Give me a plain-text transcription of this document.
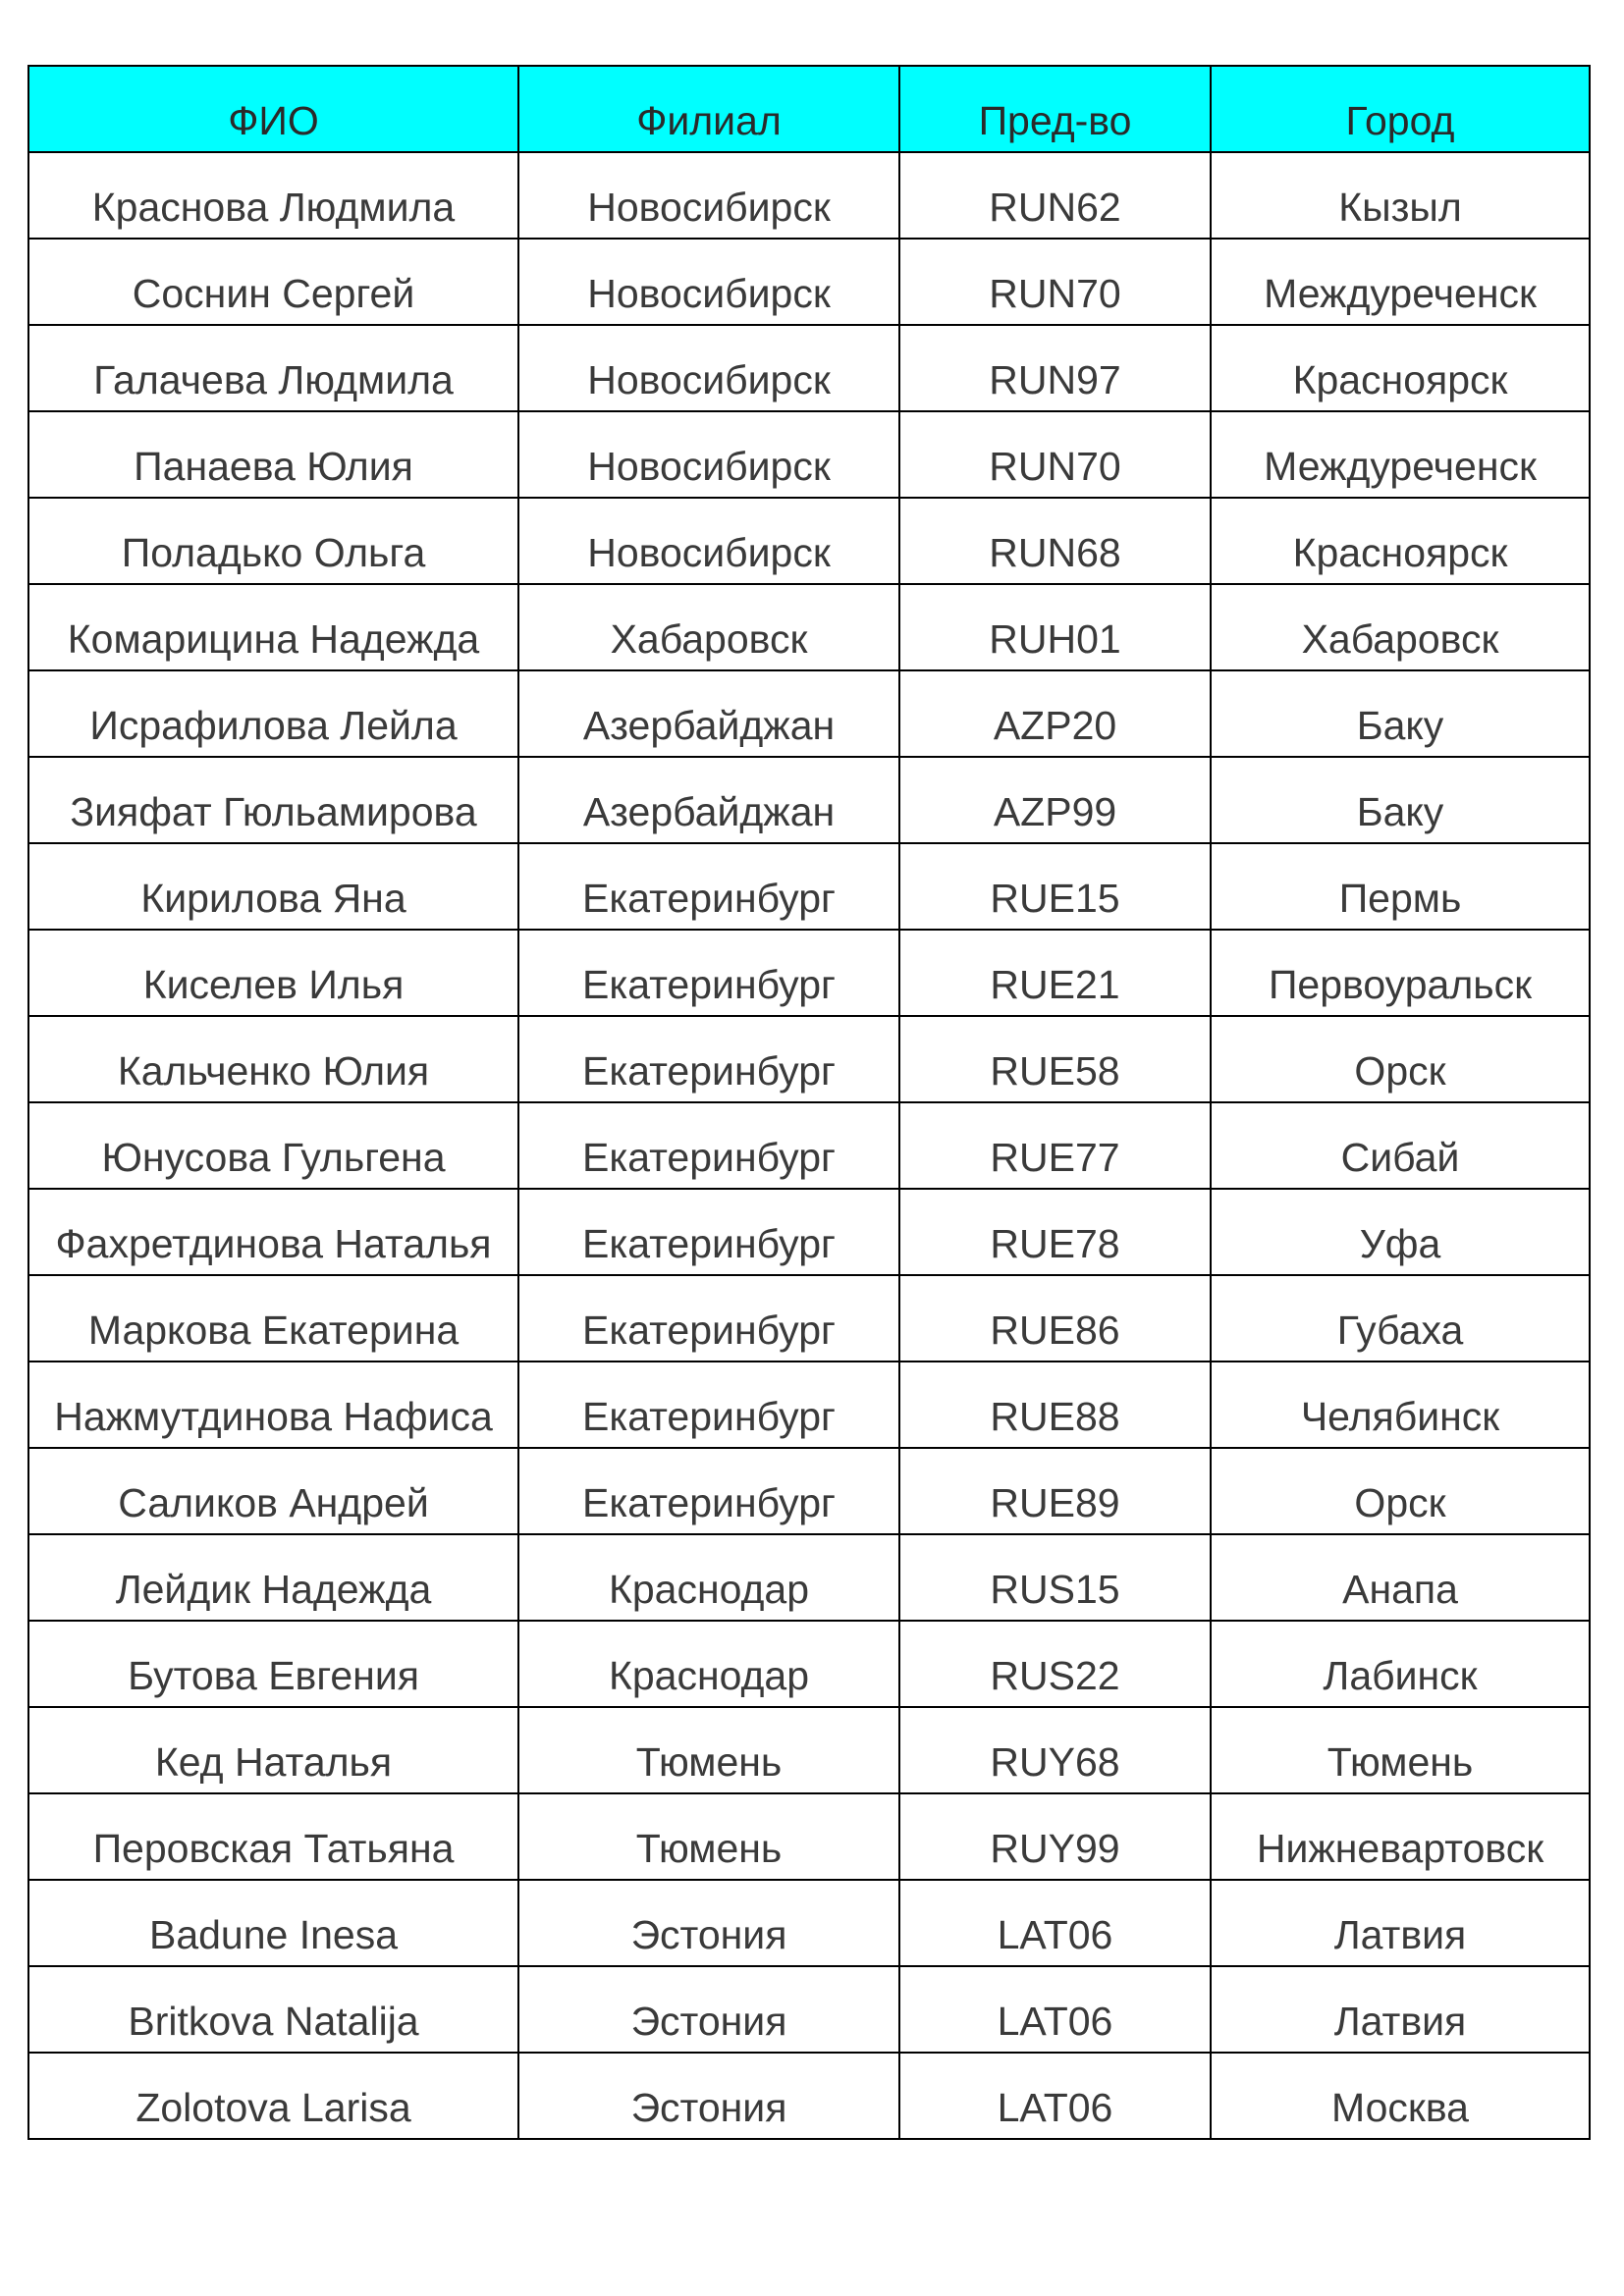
ФИО	Филиал	Пред-во	Город
Краснова Людмила	Новосибирск	RUN62	Кызыл
Соснин Сергей	Новосибирск	RUN70	Междуреченск
Галачева Людмила	Новосибирск	RUN97	Красноярск
Панаева Юлия	Новосибирск	RUN70	Междуреченск
Поладько Ольга	Новосибирск	RUN68	Красноярск
Комарицина Надежда	Хабаровск	RUH01	Хабаровск
Исрафилова Лейла	Азербайджан	AZP20	Баку
Зияфат Гюльамирова	Азербайджан	AZP99	Баку
Кирилова Яна	Екатеринбург	RUE15	Пермь
Киселев Илья	Екатеринбург	RUE21	Первоуральск
Кальченко Юлия	Екатеринбург	RUE58	Орск
Юнусова Гульгена	Екатеринбург	RUE77	Сибай
Фахретдинова Наталья	Екатеринбург	RUE78	Уфа
Маркова Екатерина	Екатеринбург	RUE86	Губаха
Нажмутдинова Нафиса	Екатеринбург	RUE88	Челябинск
Саликов Андрей	Екатеринбург	RUE89	Орск
Лейдик Надежда	Краснодар	RUS15	Анапа
Бутова Евгения	Краснодар	RUS22	Лабинск
Кед Наталья	Тюмень	RUY68	Тюмень
Перовская Татьяна	Тюмень	RUY99	Нижневартовск
Badune Inesa	Эстония	LAT06	Латвия
Britkova Natalija	Эстония	LAT06	Латвия
Zolotova Larisa	Эстония	LAT06	Москва
